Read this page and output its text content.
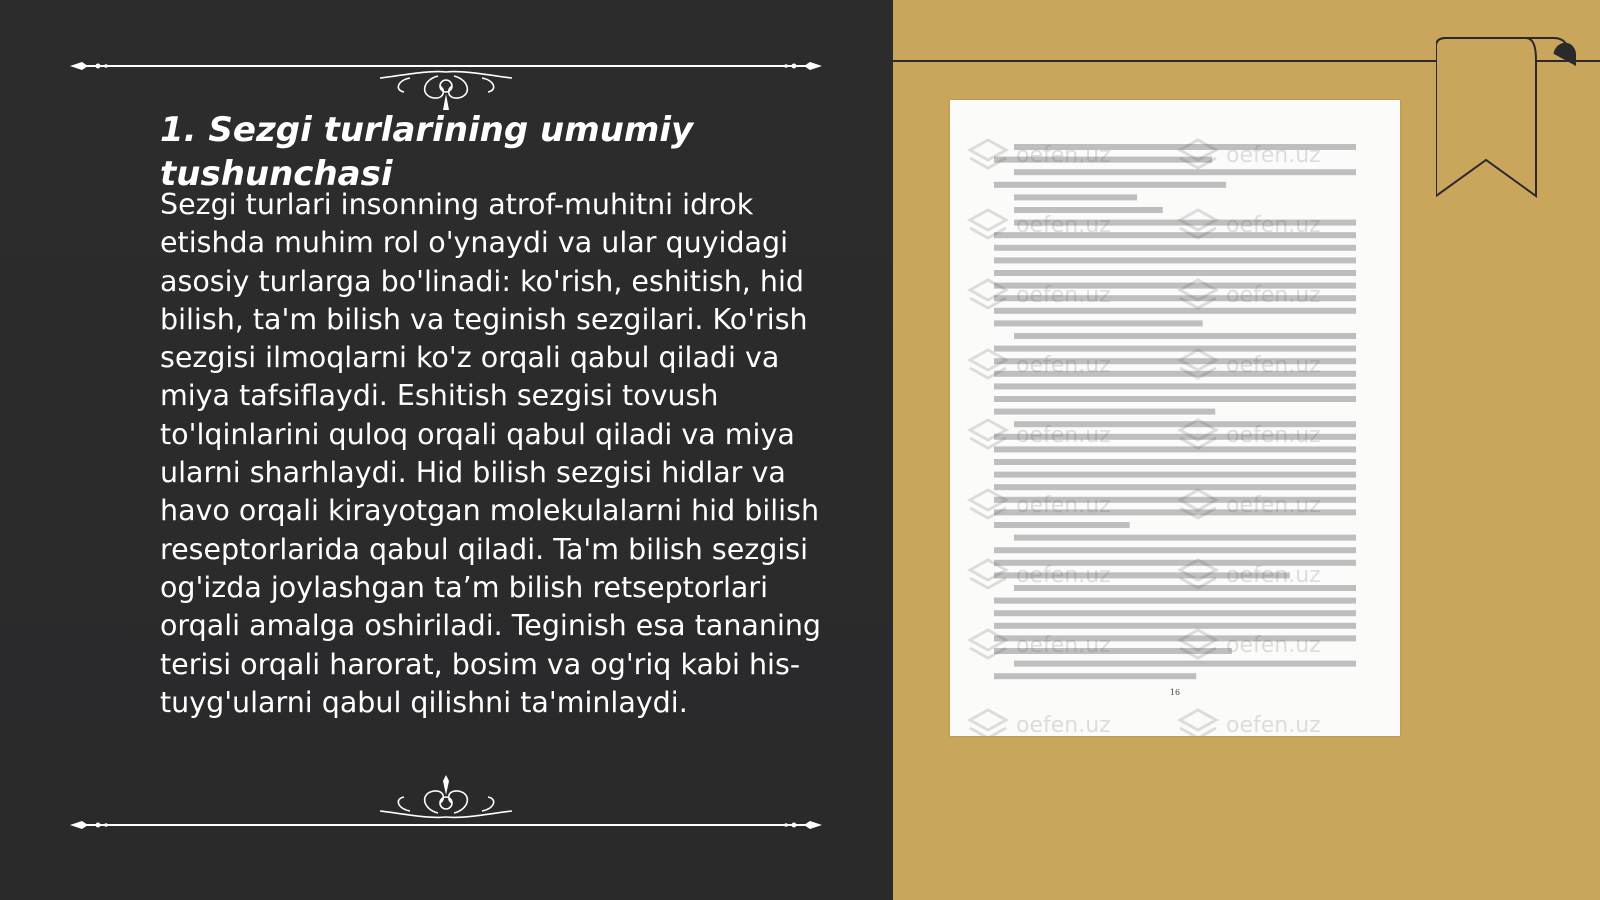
1. Sezgi turlarining umumiy tushunchasi

Sezgi turlari insonning atrof-muhitni idrok etishda muhim rol o'ynaydi va ular quyidagi asosiy turlarga bo'linadi: ko'rish, eshitish, hid bilish, ta'm bilish va teginish sezgilari. Ko'rish sezgisi ilmoqlarni ko'z orqali qabul qiladi va miya tafsiflaydi. Eshitish sezgisi tovush to'lqinlarini quloq orqali qabul qiladi va miya ularni sharhlaydi. Hid bilish sezgisi hidlar va havo orqali kirayotgan molekulalarni hid bilish reseptorlarida qabul qiladi. Ta'm bilish sezgisi og'izda joylashgan ta’m bilish retseptorlari orqali amalga oshiriladi. Teginish esa tananing terisi orqali harorat, bosim va og'riq kabi his-tuyg'ularni qabul qilishni ta'minlaydi.

oefen.uz	oefen.uz
oefen.uz	oefen.uz
oefen.uz	oefen.uz
oefen.uz	oefen.uz
oefen.uz	oefen.uz
oefen.uz	oefen.uz
oefen.uz	oefen.uz
oefen.uz	oefen.uz
oefen.uz	oefen.uz
16
